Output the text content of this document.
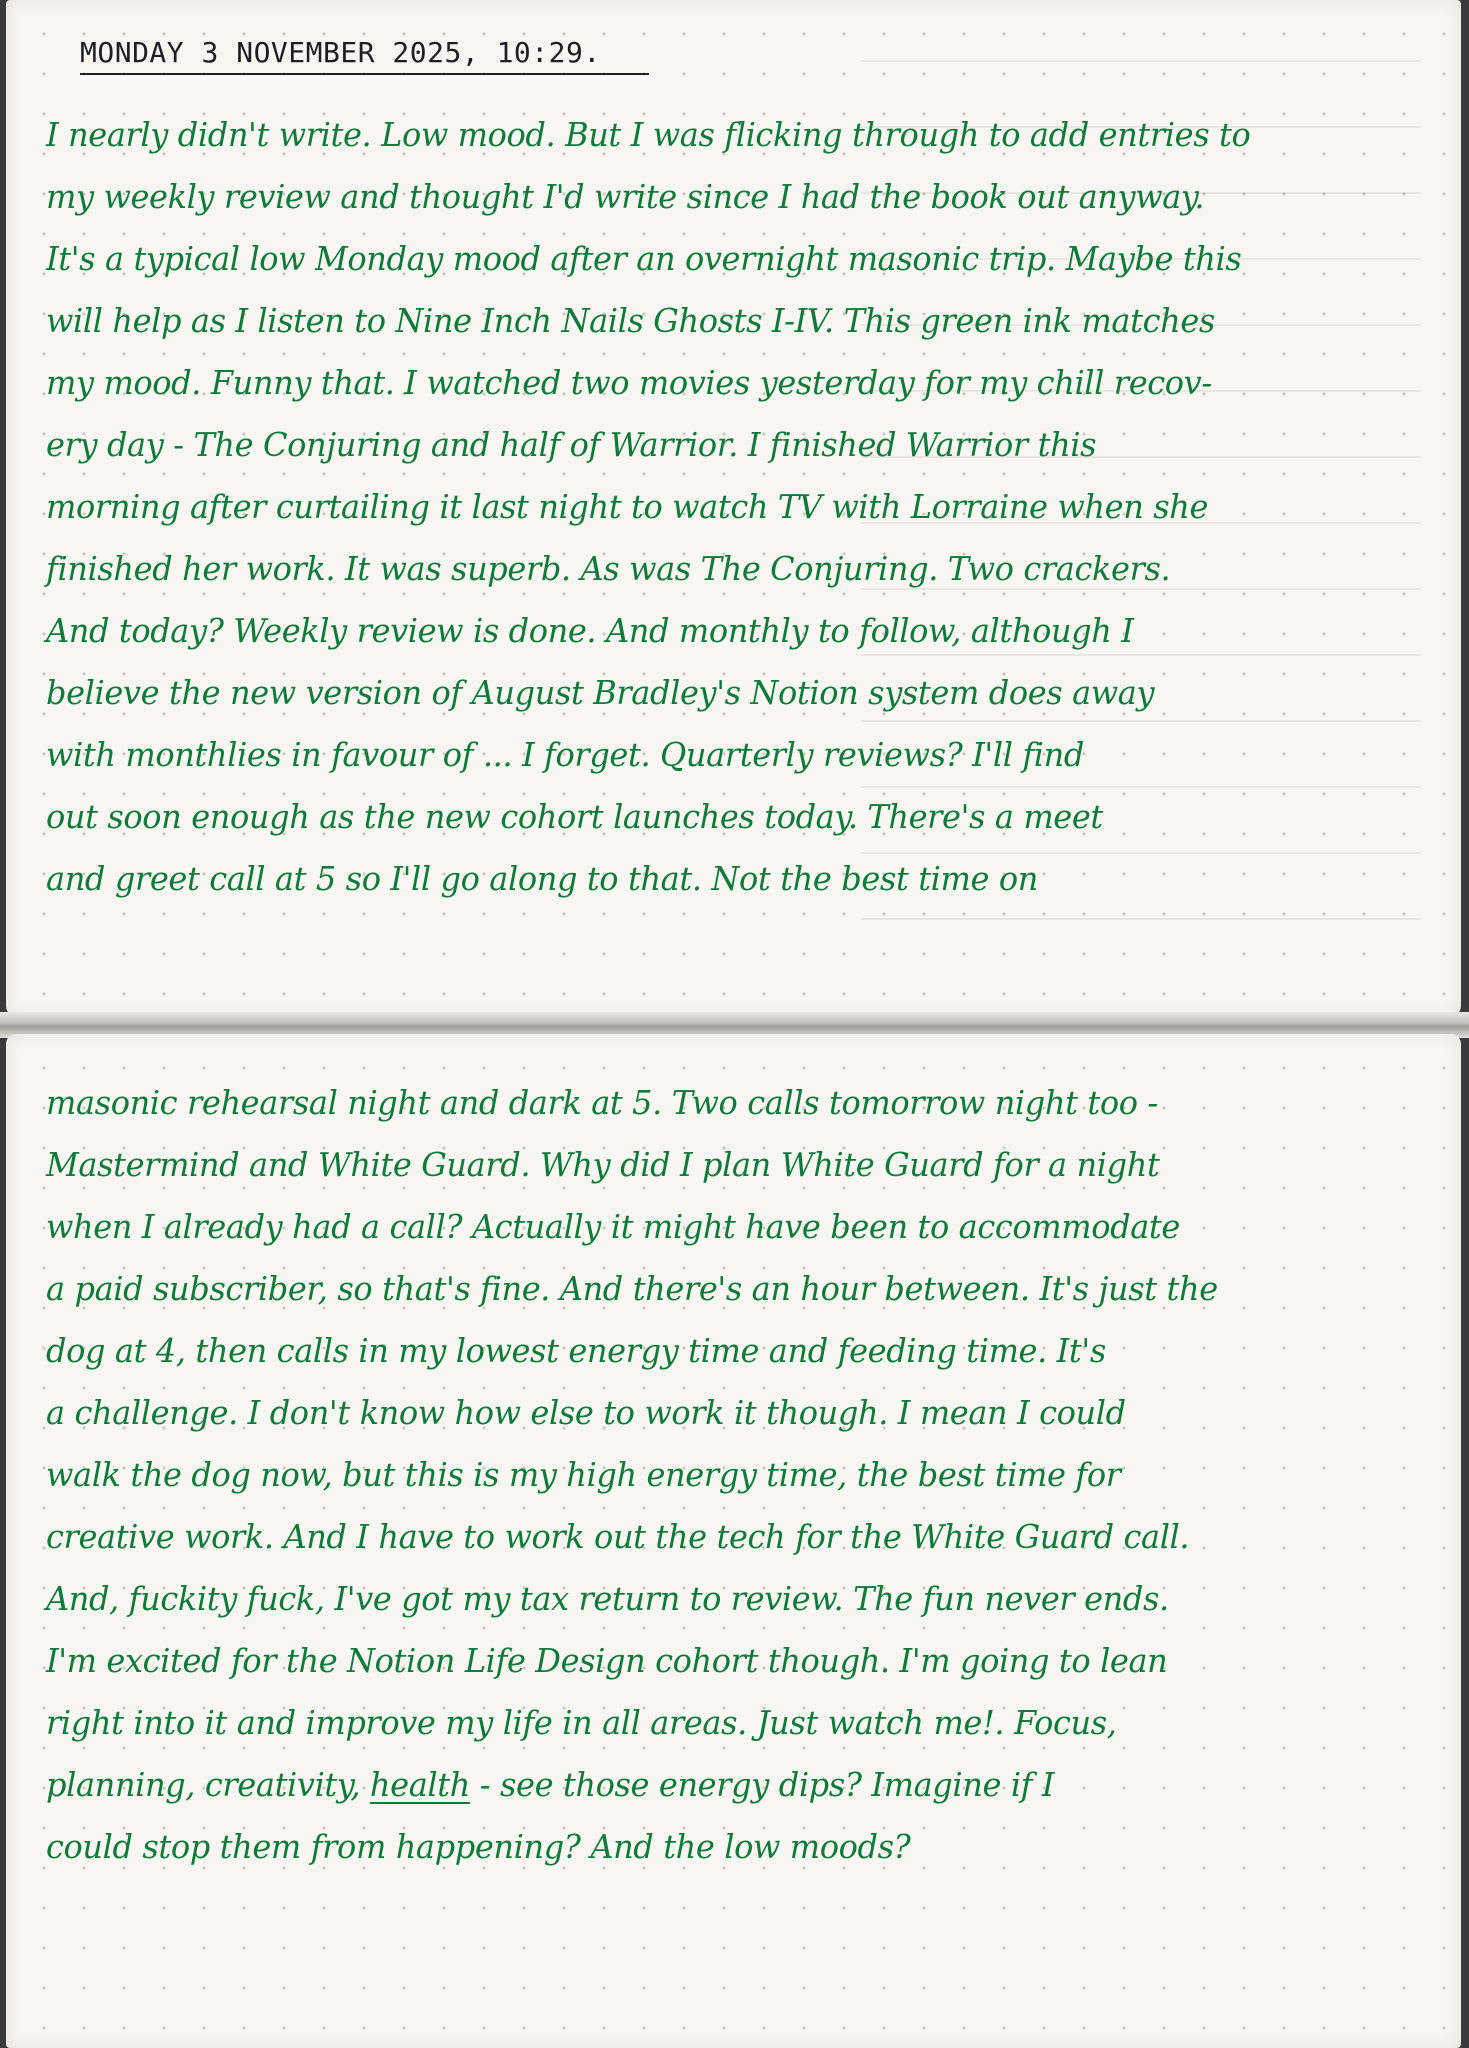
MONDAY 3 NOVEMBER 2025, 10:29.
I nearly didn't write. Low mood. But I was flicking through to add entries to
my weekly review and thought I'd write since I had the book out anyway.
It's a typical low Monday mood after an overnight masonic trip. Maybe this
will help as I listen to Nine Inch Nails Ghosts I-IV. This green ink matches
my mood. Funny that. I watched two movies yesterday for my chill recov-
ery day - The Conjuring and half of Warrior. I finished Warrior this
morning after curtailing it last night to watch TV with Lorraine when she
finished her work. It was superb. As was The Conjuring. Two crackers.
And today? Weekly review is done. And monthly to follow, although I
believe the new version of August Bradley's Notion system does away
with monthlies in favour of ... I forget. Quarterly reviews? I'll find
out soon enough as the new cohort launches today. There's a meet
and greet call at 5 so I'll go along to that. Not the best time on
masonic rehearsal night and dark at 5. Two calls tomorrow night too -
Mastermind and White Guard. Why did I plan White Guard for a night
when I already had a call? Actually it might have been to accommodate
a paid subscriber, so that's fine. And there's an hour between. It's just the
dog at 4, then calls in my lowest energy time and feeding time. It's
a challenge. I don't know how else to work it though. I mean I could
walk the dog now, but this is my high energy time, the best time for
creative work. And I have to work out the tech for the White Guard call.
And, fuckity fuck, I've got my tax return to review. The fun never ends.
I'm excited for the Notion Life Design cohort though. I'm going to lean
right into it and improve my life in all areas. Just watch me!. Focus,
planning, creativity, health - see those energy dips? Imagine if I
could stop them from happening? And the low moods?
